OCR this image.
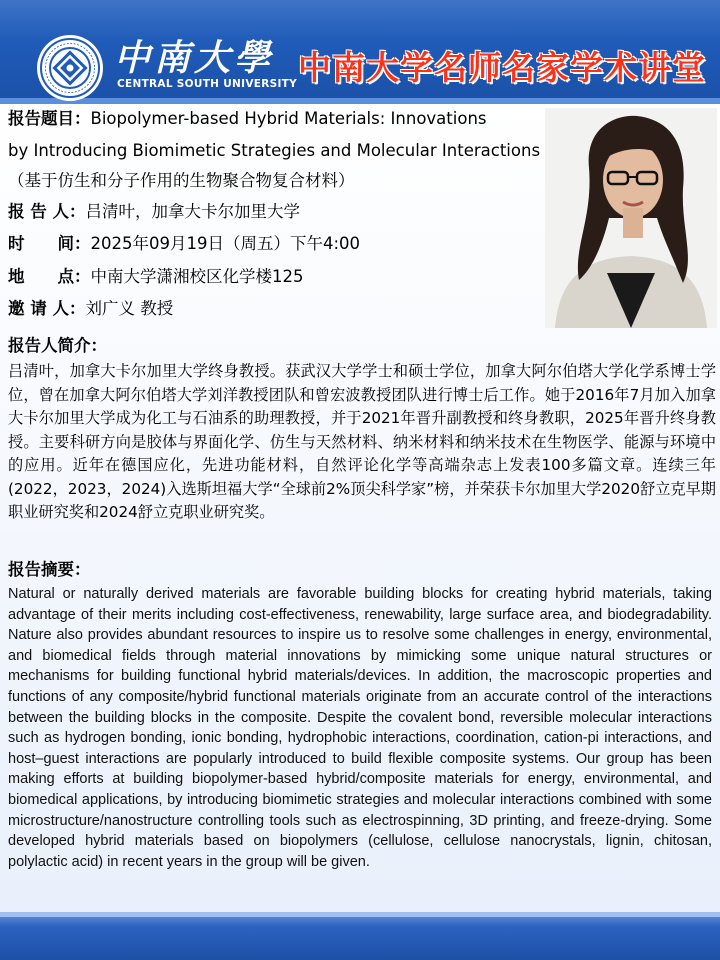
中南大學
CENTRAL SOUTH UNIVERSITY 中南大学名师名家学术讲堂
报告题目：Biopolymer-based Hybrid Materials: Innovations
by Introducing Biomimetic Strategies and Molecular Interactions
（基于仿生和分子作用的生物聚合物复合材料）
报 告 人：吕清叶，加拿大卡尔加里大学
时　　间：2025年09月19日（周五）下午4:00
地　　点：中南大学潇湘校区化学楼125
邀 请 人：刘广义 教授
报告人简介：
吕清叶，加拿大卡尔加里大学终身教授。获武汉大学学士和硕士学位，加拿大阿尔伯塔大学化学系博士学位，曾在加拿大阿尔伯塔大学刘洋教授团队和曾宏波教授团队进行博士后工作。她于2016年7月加入加拿大卡尔加里大学成为化工与石油系的助理教授，并于2021年晋升副教授和终身教职，2025年晋升终身教授。主要科研方向是胶体与界面化学、仿生与天然材料、纳米材料和纳米技术在生物医学、能源与环境中的应用。近年在德国应化，先进功能材料，自然评论化学等高端杂志上发表100多篇文章。连续三年(2022，2023，2024)入选斯坦福大学“全球前2%顶尖科学家”榜，并荣获卡尔加里大学2020舒立克早期职业研究奖和2024舒立克职业研究奖。
报告摘要：
Natural or naturally derived materials are favorable building blocks for creating hybrid materials, taking advantage of their merits including cost-effectiveness, renewability, large surface area, and biodegradability. Nature also provides abundant resources to inspire us to resolve some challenges in energy, environmental, and biomedical fields through material innovations by mimicking some unique natural structures or mechanisms for building functional hybrid materials/devices. In addition, the macroscopic properties and functions of any composite/hybrid functional materials originate from an accurate control of the interactions between the building blocks in the composite. Despite the covalent bond, reversible molecular interactions such as hydrogen bonding, ionic bonding, hydrophobic interactions, coordination, cation-pi interactions, and host–guest interactions are popularly introduced to build flexible composite systems. Our group has been making efforts at building biopolymer-based hybrid/composite materials for energy, environmental, and biomedical applications, by introducing biomimetic strategies and molecular interactions combined with some microstructure/nanostructure controlling tools such as electrospinning, 3D printing, and freeze-drying. Some developed hybrid materials based on biopolymers (cellulose, cellulose nanocrystals, lignin, chitosan, polylactic acid) in recent years in the group will be given.
